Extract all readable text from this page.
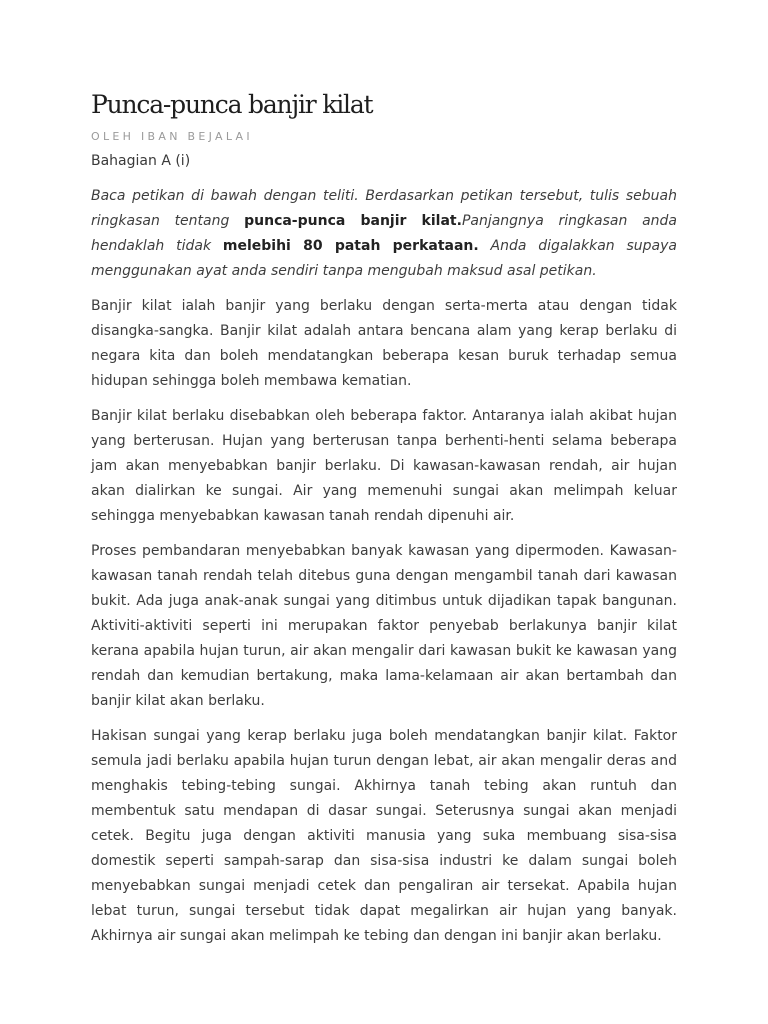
Punca-punca banjir kilat
OLEH IBAN BEJALAI
Bahagian A (i)

Baca petikan di bawah dengan teliti. Berdasarkan petikan tersebut, tulis sebuah ringkasan tentang punca-punca banjir kilat.Panjangnya ringkasan anda hendaklah tidak melebihi 80 patah perkataan. Anda digalakkan supaya menggunakan ayat anda sendiri tanpa mengubah maksud asal petikan.

Banjir kilat ialah banjir yang berlaku dengan serta-merta atau dengan tidak disangka-sangka. Banjir kilat adalah antara bencana alam yang kerap berlaku di negara kita dan boleh mendatangkan beberapa kesan buruk terhadap semua hidupan sehingga boleh membawa kematian.

Banjir kilat berlaku disebabkan oleh beberapa faktor. Antaranya ialah akibat hujan yang berterusan. Hujan yang berterusan tanpa berhenti-henti selama beberapa jam akan menyebabkan banjir berlaku. Di kawasan-kawasan rendah, air hujan akan dialirkan ke sungai. Air yang memenuhi sungai akan melimpah keluar sehingga menyebabkan kawasan tanah rendah dipenuhi air.

Proses pembandaran menyebabkan banyak kawasan yang dipermoden. Kawasan-kawasan tanah rendah telah ditebus guna dengan mengambil tanah dari kawasan bukit. Ada juga anak-anak sungai yang ditimbus untuk dijadikan tapak bangunan. Aktiviti-aktiviti seperti ini merupakan faktor penyebab berlakunya banjir kilat kerana apabila hujan turun, air akan mengalir dari kawasan bukit ke kawasan yang rendah dan kemudian bertakung, maka lama-kelamaan air akan bertambah dan banjir kilat akan berlaku.

Hakisan sungai yang kerap berlaku juga boleh mendatangkan banjir kilat. Faktor semula jadi berlaku apabila hujan turun dengan lebat, air akan mengalir deras and menghakis tebing-tebing sungai. Akhirnya tanah tebing akan runtuh dan membentuk satu mendapan di dasar sungai. Seterusnya sungai akan menjadi cetek. Begitu juga dengan aktiviti manusia yang suka membuang sisa-sisa domestik seperti sampah-sarap dan sisa-sisa industri ke dalam sungai boleh menyebabkan sungai menjadi cetek dan pengaliran air tersekat. Apabila hujan lebat turun, sungai tersebut tidak dapat megalirkan air hujan yang banyak. Akhirnya air sungai akan melimpah ke tebing dan dengan ini banjir akan berlaku.
